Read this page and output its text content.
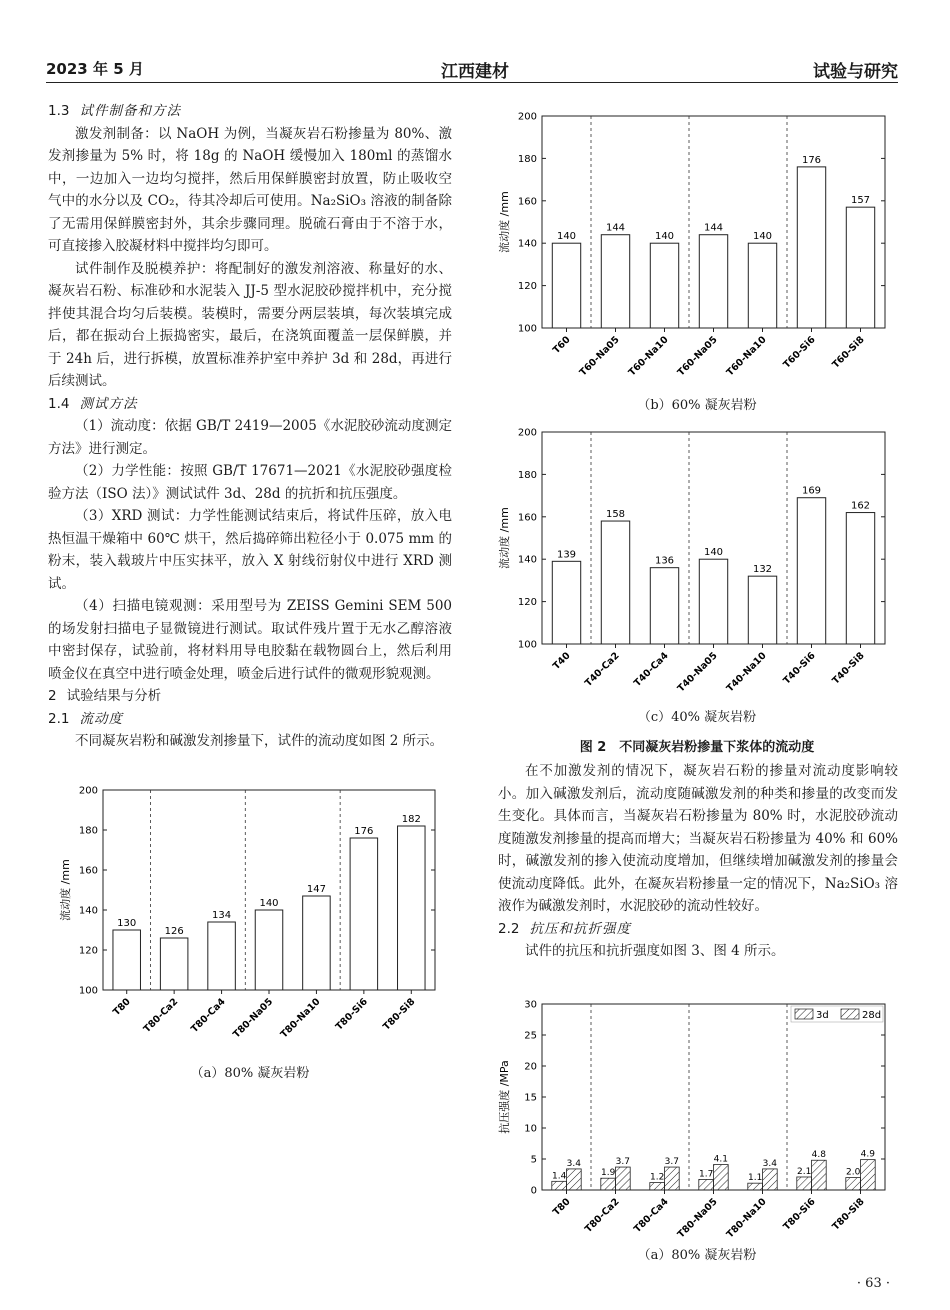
2023 年 5 月	江西建材	试验与研究
1.3 试件制备和方法

激发剂制备：以 NaOH 为例，当凝灰岩石粉掺量为 80%、激发剂掺量为 5% 时，将 18g 的 NaOH 缓慢加入 180ml 的蒸馏水中，一边加入一边均匀搅拌，然后用保鲜膜密封放置，防止吸收空气中的水分以及 CO₂，待其冷却后可使用。Na₂SiO₃ 溶液的制备除了无需用保鲜膜密封外，其余步骤同理。脱硫石膏由于不溶于水，可直接掺入胶凝材料中搅拌均匀即可。

试件制作及脱模养护：将配制好的激发剂溶液、称量好的水、凝灰岩石粉、标准砂和水泥装入 JJ-5 型水泥胶砂搅拌机中，充分搅拌使其混合均匀后装模。装模时，需要分两层装填，每次装填完成后，都在振动台上振捣密实，最后，在浇筑面覆盖一层保鲜膜，并于 24h 后，进行拆模，放置标准养护室中养护 3d 和 28d，再进行后续测试。

1.4 测试方法

（1）流动度：依据 GB/T 2419—2005《水泥胶砂流动度测定方法》进行测定。

（2）力学性能：按照 GB/T 17671—2021《水泥胶砂强度检验方法（ISO 法）》测试试件 3d、28d 的抗折和抗压强度。

（3）XRD 测试：力学性能测试结束后，将试件压碎，放入电热恒温干燥箱中 60℃ 烘干，然后捣碎筛出粒径小于 0.075 mm 的粉末，装入载玻片中压实抹平，放入 X 射线衍射仪中进行 XRD 测试。

（4）扫描电镜观测：采用型号为 ZEISS Gemini SEM 500 的场发射扫描电子显微镜进行测试。取试件残片置于无水乙醇溶液中密封保存，试验前，将材料用导电胶黏在载物圆台上，然后利用喷金仪在真空中进行喷金处理，喷金后进行试件的微观形貌观测。

2 试验结果与分析
2.1 流动度

不同凝灰岩粉和碱激发剂掺量下，试件的流动度如图 2 所示。

100
120
140
160
180
200
流动度 /mm
T80 T80-Ca2 T80-Ca4 T80-Na05 T80-Na10 T80-Si6 T80-Si8
130
126
134
140
147
176
182
（a）80% 凝灰岩粉
100
120
140
160
180
200
流动度 /mm
T60 T60-Na05 T60-Na10 T60-Na05 T60-Na10 T60-Si6 T60-Si8
140
144
140
144
140
176
157
（b）60% 凝灰岩粉
100
120
140
160
180
200
流动度 /mm
T40 T40-Ca2 T40-Ca4 T40-Na05 T40-Na10 T40-Si6 T40-Si8
139
158
136
140
132
169
162
（c）40% 凝灰岩粉
图 2　不同凝灰岩粉掺量下浆体的流动度

在不加激发剂的情况下，凝灰岩石粉的掺量对流动度影响较小。加入碱激发剂后，流动度随碱激发剂的种类和掺量的改变而发生变化。具体而言，当凝灰岩石粉掺量为 80% 时，水泥胶砂流动度随激发剂掺量的提高而增大；当凝灰岩石粉掺量为 40% 和 60% 时，碱激发剂的掺入使流动度增加，但继续增加碱激发剂的掺量会使流动度降低。此外，在凝灰岩粉掺量一定的情况下，Na₂SiO₃ 溶液作为碱激发剂时，水泥胶砂的流动性较好。

2.2 抗压和抗折强度

试件的抗压和抗折强度如图 3、图 4 所示。

0
5
10
15
20
25
30
抗压强度 /MPa
T80 T80-Ca2 T80-Ca4 T80-Na05 T80-Na10 T80-Si6 T80-Si8
1.4	1.9	1.2	1.7	1.1
2.1	2.0
3.4	3.7	3.7	4.1	3.4
4.8	4.9
3d	28d
（a）80% 凝灰岩粉
· 63 ·
